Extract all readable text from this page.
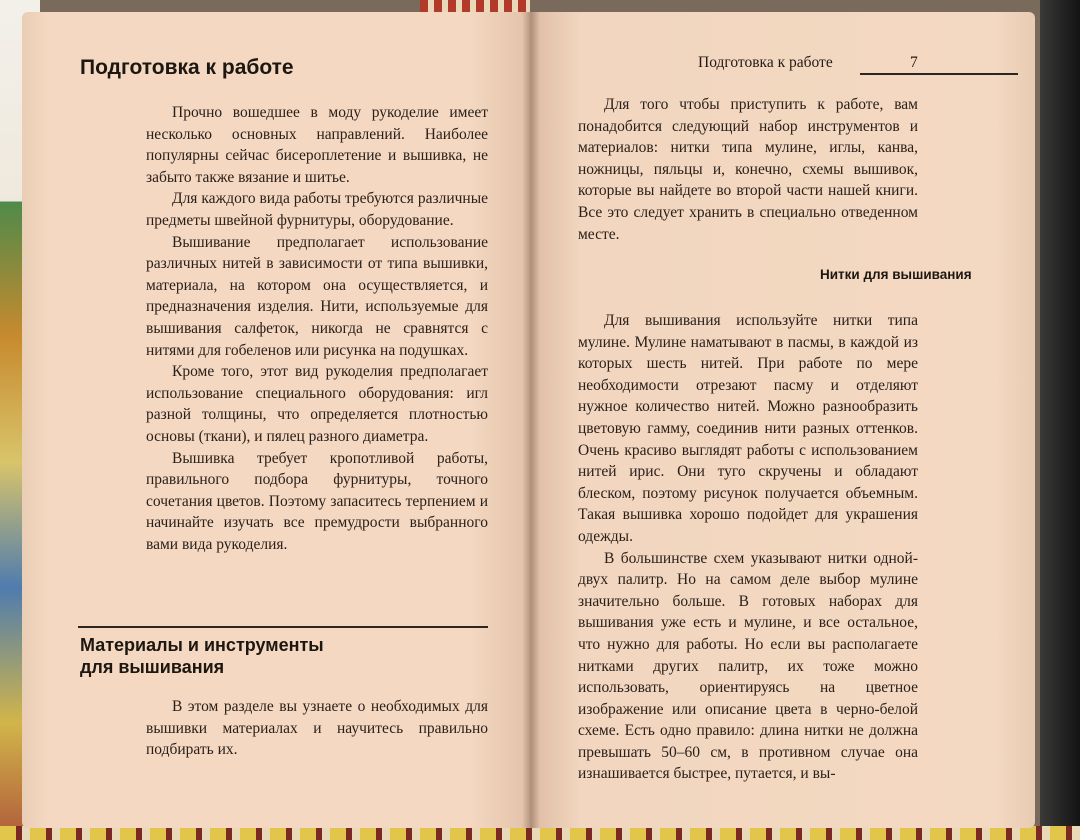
Подготовка к работе

Прочно вошедшее в моду рукоделие имеет несколько основных направлений. Наиболее популярны сейчас бисероплетение и вышивка, не забыто также вязание и шитье.

Для каждого вида работы требуются различные предметы швейной фурнитуры, оборудование.

Вышивание предполагает использование различных нитей в зависимости от типа вышивки, материала, на котором она осуществляется, и предназначения изделия. Нити, используемые для вышивания салфеток, никогда не сравнятся с нитями для гобеленов или рисунка на подушках.

Кроме того, этот вид рукоделия предполагает использование специального оборудования: игл разной толщины, что определяется плотностью основы (ткани), и пялец разного диаметра.

Вышивка требует кропотливой работы, правильного подбора фурнитуры, точного сочетания цветов. Поэтому запаситесь терпением и начинайте изучать все премудрости выбранного вами вида рукоделия.

Материалы и инструменты
для вышивания

В этом разделе вы узнаете о необходимых для вышивки материалах и научитесь правильно подбирать их.

Подготовка к работе	7

Для того чтобы приступить к работе, вам понадобится следующий набор инструментов и материалов: нитки типа мулине, иглы, канва, ножницы, пяльцы и, конечно, схемы вышивок, которые вы найдете во второй части нашей книги. Все это следует хранить в специально отведенном месте.

Нитки для вышивания

Для вышивания используйте нитки типа мулине. Мулине наматывают в пасмы, в каждой из которых шесть нитей. При работе по мере необходимости отрезают пасму и отделяют нужное количество нитей. Можно разнообразить цветовую гамму, соединив нити разных оттенков. Очень красиво выглядят работы с использованием нитей ирис. Они туго скручены и обладают блеском, поэтому рисунок получается объемным. Такая вышивка хорошо подойдет для украшения одежды.

В большинстве схем указывают нитки одной-двух палитр. Но на самом деле выбор мулине значительно больше. В готовых наборах для вышивания уже есть и мулине, и все остальное, что нужно для работы. Но если вы располагаете нитками других палитр, их тоже можно использовать, ориентируясь на цветное изображение или описание цвета в черно-белой схеме. Есть одно правило: длина нитки не должна превышать 50–60 см, в противном случае она изнашивается быстрее, путается, и вы-
